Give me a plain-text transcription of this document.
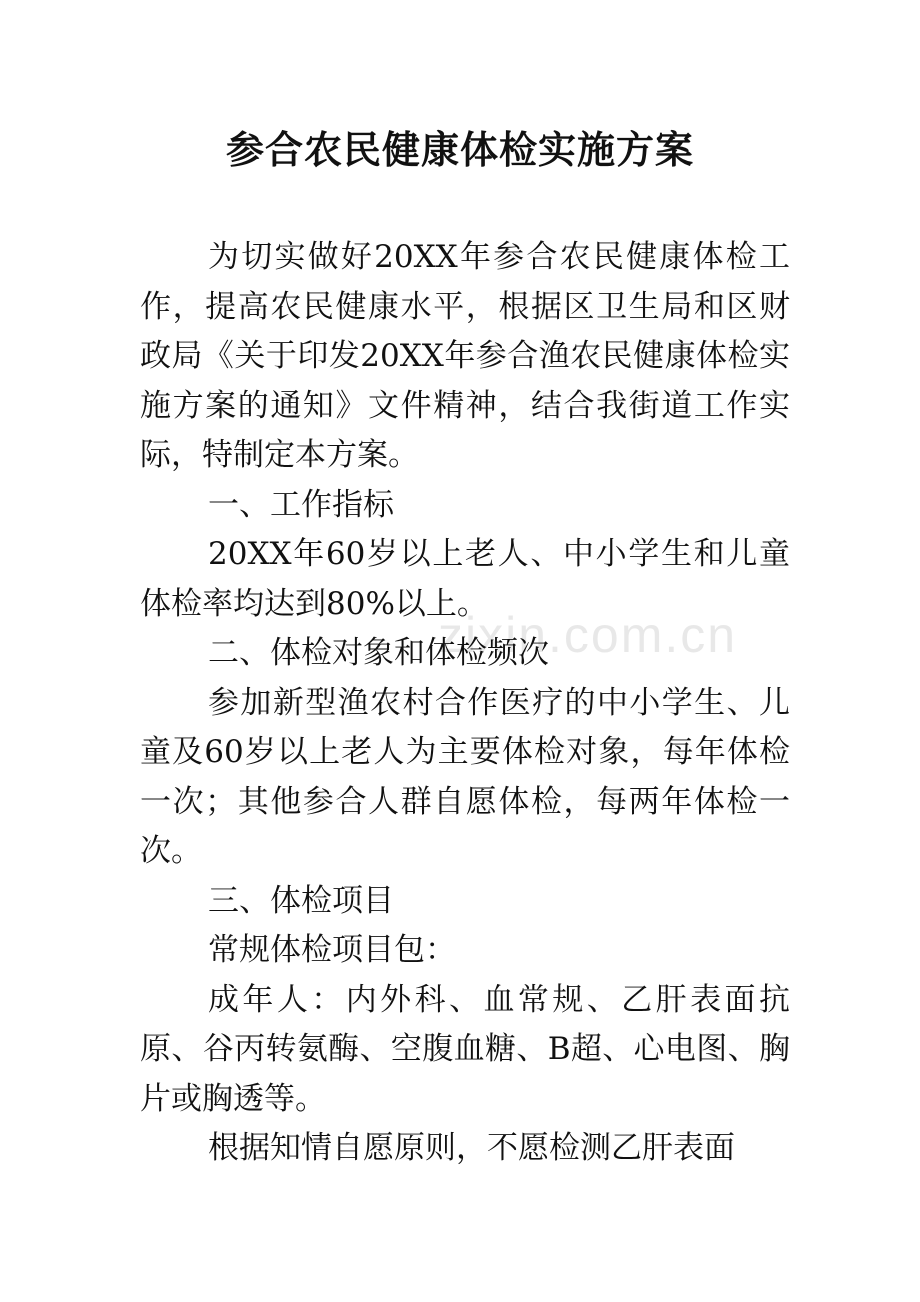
参合农民健康体检实施方案

为切实做好20XX年参合农民健康体检工作，提高农民健康水平，根据区卫生局和区财政局《关于印发20XX年参合渔农民健康体检实施方案的通知》文件精神，结合我街道工作实际，特制定本方案。

一、工作指标

20XX年60岁以上老人、中小学生和儿童体检率均达到80%以上。

二、体检对象和体检频次

参加新型渔农村合作医疗的中小学生、儿童及60岁以上老人为主要体检对象，每年体检一次；其他参合人群自愿体检，每两年体检一次。

三、体检项目

常规体检项目包：

成年人：内外科、血常规、乙肝表面抗原、谷丙转氨酶、空腹血糖、B超、心电图、胸片或胸透等。

根据知情自愿原则，不愿检测乙肝表面

zixin.com.cn
